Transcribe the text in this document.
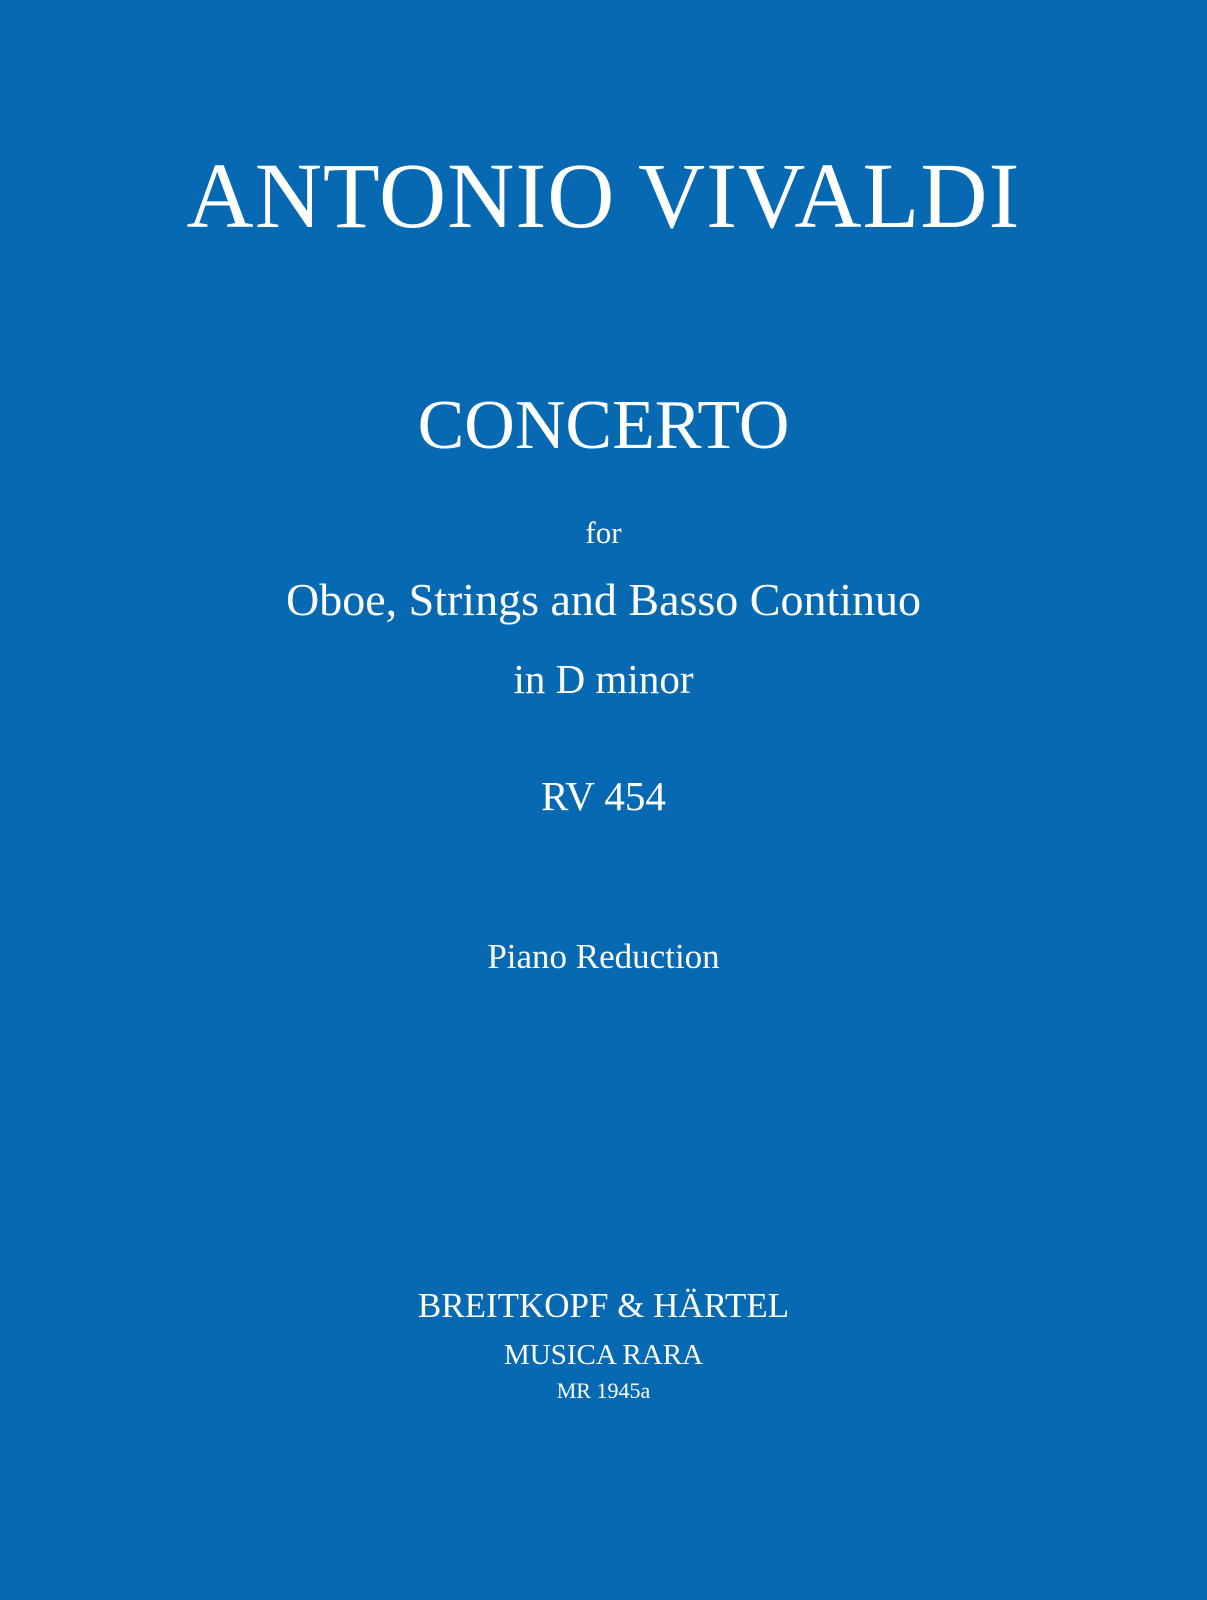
ANTONIO VIVALDI
CONCERTO
for
Oboe, Strings and Basso Continuo
in D minor
RV 454
Piano Reduction
BREITKOPF & HÄRTEL
MUSICA RARA
MR 1945a
